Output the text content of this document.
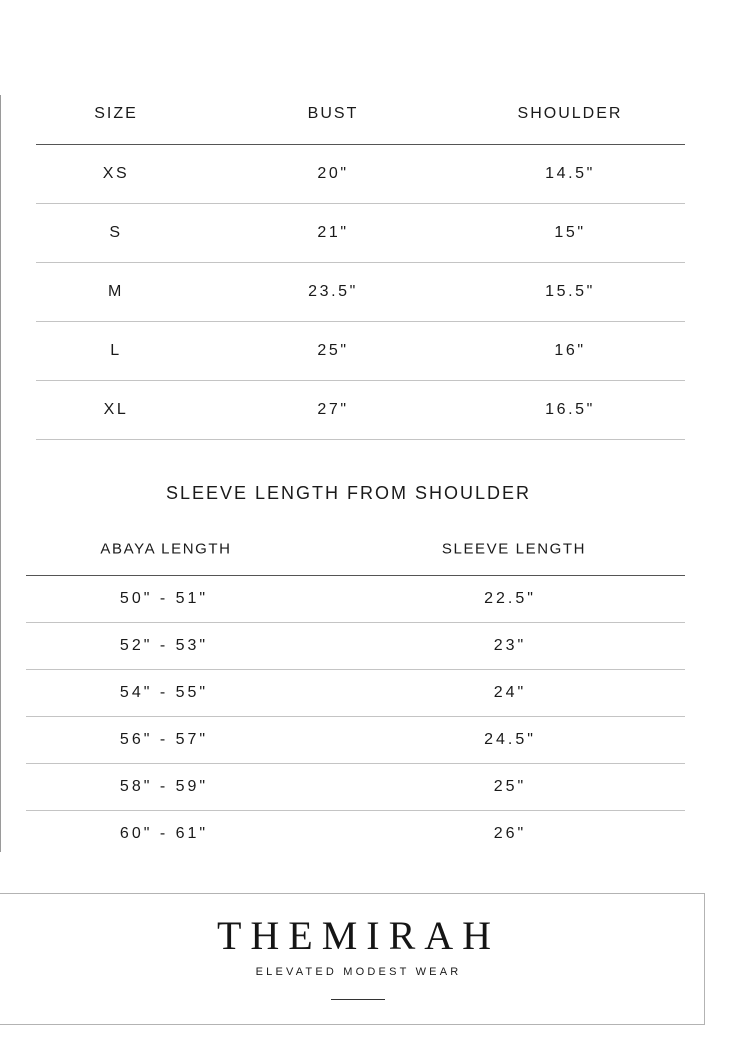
SIZE	BUST	SHOULDER
XS	20"	14.5"
S	21"	15"
M	23.5"	15.5"
L	25"	16"
XL	27"	16.5"
SLEEVE LENGTH FROM SHOULDER
ABAYA LENGTH	SLEEVE LENGTH
50" - 51"	22.5"
52" - 53"	23"
54" - 55"	24"
56" - 57"	24.5"
58" - 59"	25"
60" - 61"	26"
THEMIRAH
ELEVATED MODEST WEAR
